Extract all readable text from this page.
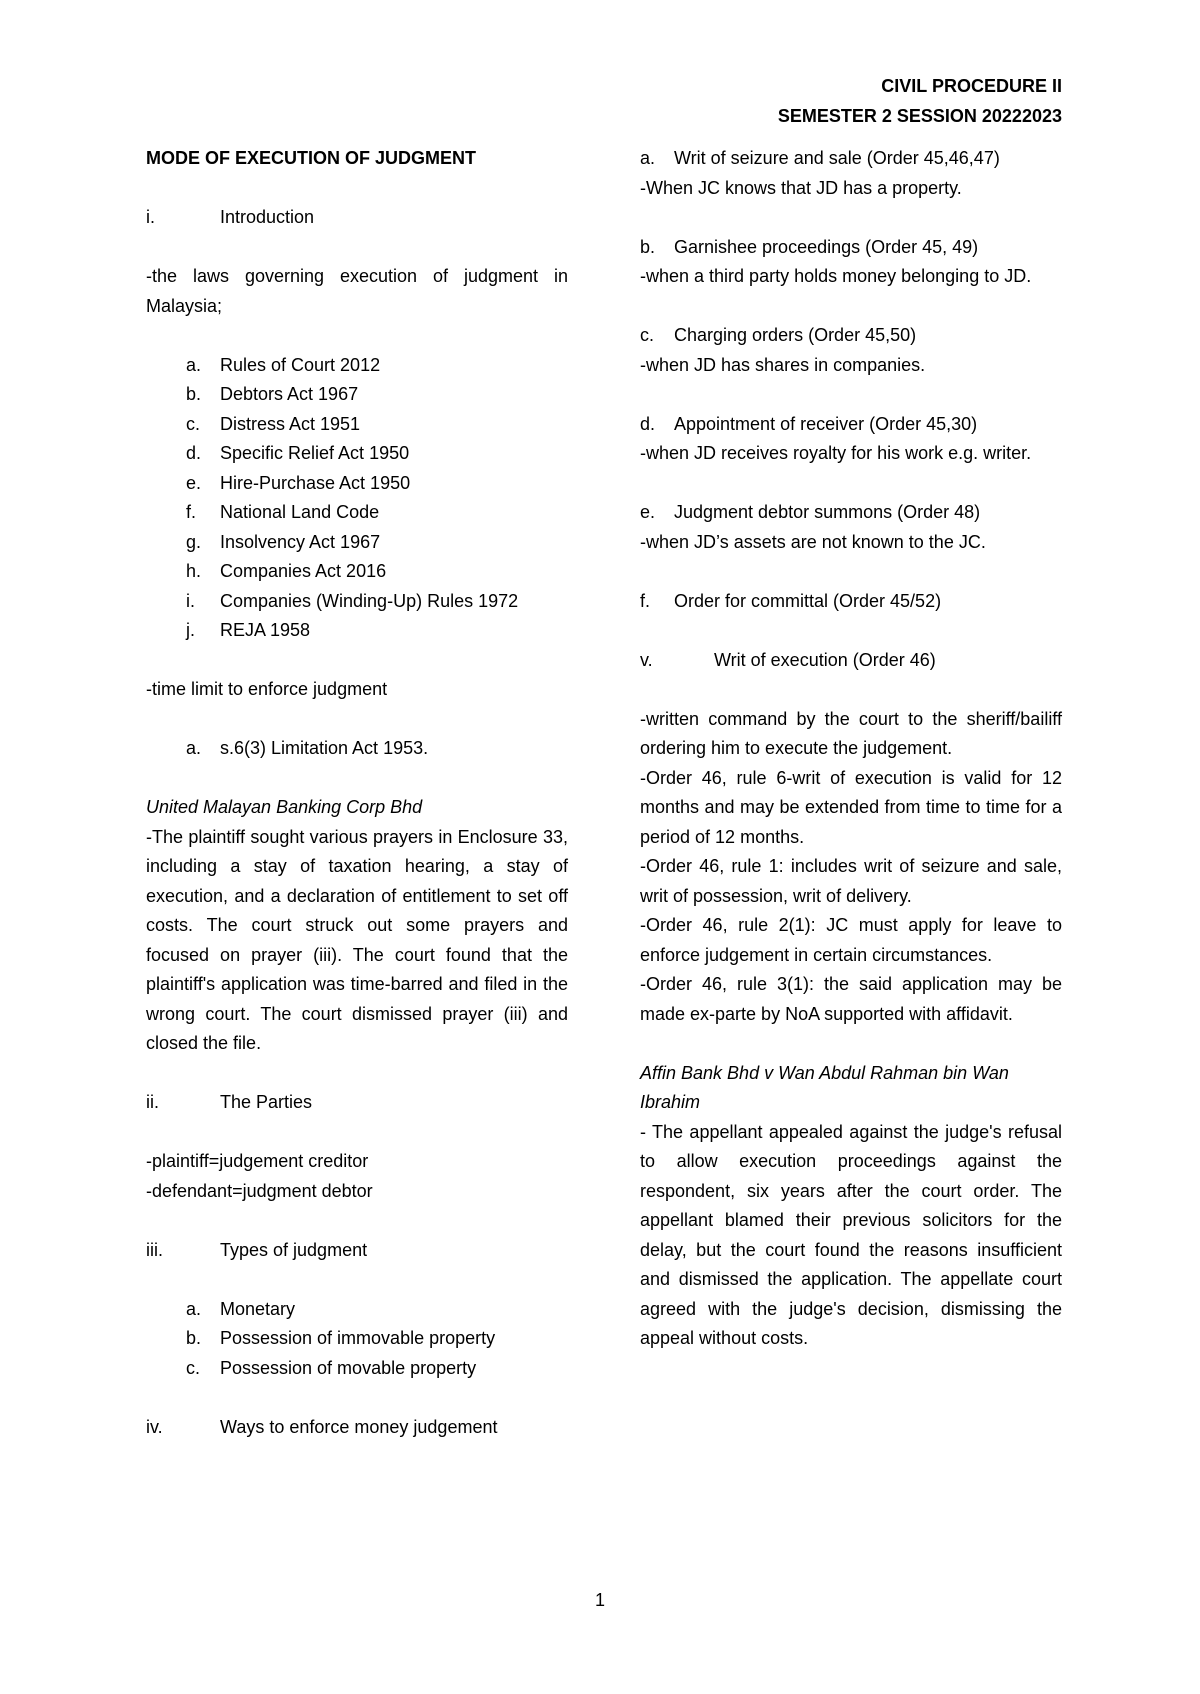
CIVIL PROCEDURE II
SEMESTER 2 SESSION 20222023

MODE OF EXECUTION OF JUDGMENT

i.	Introduction

-the laws governing execution of judgment in Malaysia;

a.	Rules of Court 2012
b.	Debtors Act 1967
c.	Distress Act 1951
d.	Specific Relief Act 1950
e.	Hire-Purchase Act 1950
f.	National Land Code
g.	Insolvency Act 1967
h.	Companies Act 2016
i.	Companies (Winding-Up) Rules 1972
j.	REJA 1958

-time limit to enforce judgment

a.	s.6(3) Limitation Act 1953.

United Malayan Banking Corp Bhd

-The plaintiff sought various prayers in Enclosure 33, including a stay of taxation hearing, a stay of execution, and a declaration of entitlement to set off costs. The court struck out some prayers and focused on prayer (iii). The court found that the plaintiff's application was time-barred and filed in the wrong court. The court dismissed prayer (iii) and closed the file.

ii.	The Parties

-plaintiff=judgement creditor

-defendant=judgment debtor

iii.	Types of judgment
a.	Monetary
b.	Possession of immovable property
c.	Possession of movable property
iv.	Ways to enforce money judgement
a.	Writ of seizure and sale (Order 45,46,47)

-When JC knows that JD has a property.

b.	Garnishee proceedings (Order 45, 49)

-when a third party holds money belonging to JD.

c.	Charging orders (Order 45,50)

-when JD has shares in companies.

d.	Appointment of receiver (Order 45,30)

-when JD receives royalty for his work e.g. writer.

e.	Judgment debtor summons (Order 48)

-when JD’s assets are not known to the JC.

f.	Order for committal (Order 45/52)
v.	Writ of execution (Order 46)

-written command by the court to the sheriff/bailiff ordering him to execute the judgement.

-Order 46, rule 6-writ of execution is valid for 12 months and may be extended from time to time for a period of 12 months.

-Order 46, rule 1: includes writ of seizure and sale, writ of possession, writ of delivery.

-Order 46, rule 2(1): JC must apply for leave to enforce judgement in certain circumstances.

-Order 46, rule 3(1): the said application may be made ex-parte by NoA supported with affidavit.

Affin Bank Bhd v Wan Abdul Rahman bin Wan Ibrahim

- The appellant appealed against the judge's refusal to allow execution proceedings against the respondent, six years after the court order. The appellant blamed their previous solicitors for the delay, but the court found the reasons insufficient and dismissed the application. The appellate court agreed with the judge's decision, dismissing the appeal without costs.

1
